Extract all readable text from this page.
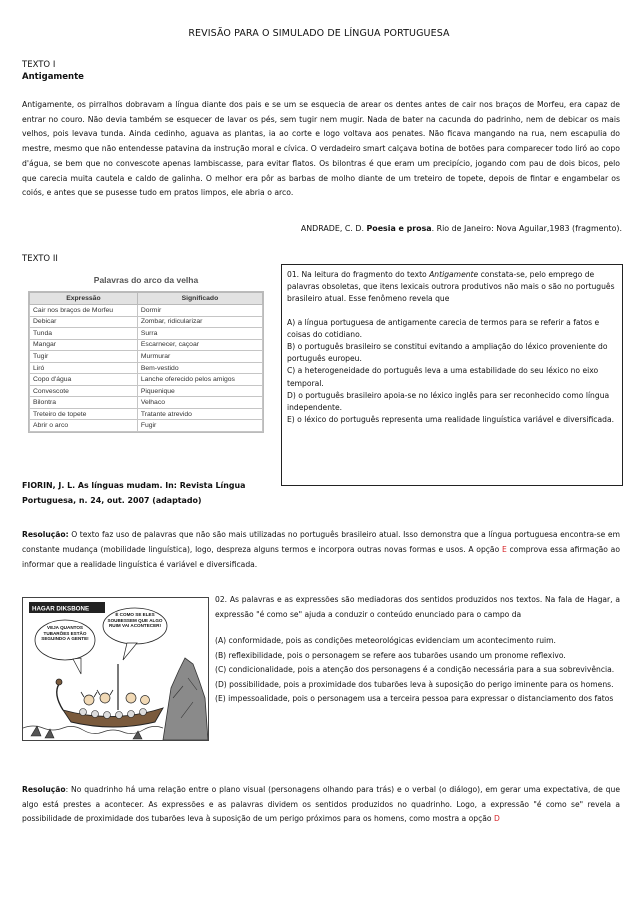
REVISÃO PARA O SIMULADO DE LÍNGUA PORTUGUESA
TEXTO I
Antigamente
Antigamente, os pirralhos dobravam a língua diante dos pais e se um se esquecia de arear os dentes antes de cair nos braços de Morfeu, era capaz de entrar no couro. Não devia também se esquecer de lavar os pés, sem tugir nem mugir. Nada de bater na cacunda do padrinho, nem de debicar os mais velhos, pois levava tunda. Ainda cedinho, aguava as plantas, ia ao corte e logo voltava aos penates. Não ficava mangando na rua, nem escapulia do mestre, mesmo que não entendesse patavina da instrução moral e cívica. O verdadeiro smart calçava botina de botões para comparecer todo liró ao copo d'água, se bem que no convescote apenas lambiscasse, para evitar flatos. Os bilontras é que eram um precipício, jogando com pau de dois bicos, pelo que carecia muita cautela e caldo de galinha. O melhor era pôr as barbas de molho diante de um treteiro de topete, depois de fintar e engambelar os coiós, e antes que se pusesse tudo em pratos limpos, ele abria o arco.
ANDRADE, C. D. Poesia e prosa. Rio de Janeiro: Nova Aguilar,1983 (fragmento).
TEXTO II
Palavras do arco da velha
Expressão	Significado
Cair nos braços de Morfeu	Dormir
Debicar	Zombar, ridicularizar
Tunda	Surra
Mangar	Escarnecer, caçoar
Tugir	Murmurar
Liró	Bem-vestido
Copo d'água	Lanche oferecido pelos amigos
Convescote	Piquenique
Bilontra	Velhaco
Treteiro de topete	Tratante atrevido
Abrir o arco	Fugir
FIORIN, J. L. As línguas mudam. In: Revista Língua Portuguesa, n. 24, out. 2007 (adaptado)

01. Na leitura do fragmento do texto Antigamente constata-se, pelo emprego de palavras obsoletas, que itens lexicais outrora produtivos não mais o são no português brasileiro atual. Esse fenômeno revela que

A) a língua portuguesa de antigamente carecia de termos para se referir a fatos e coisas do cotidiano.

B) o português brasileiro se constitui evitando a ampliação do léxico proveniente do português europeu.

C) a heterogeneidade do português leva a uma estabilidade do seu léxico no eixo temporal.

D) o português brasileiro apoia-se no léxico inglês para ser reconhecido como língua independente.

E) o léxico do português representa uma realidade linguística variável e diversificada.

Resolução: O texto faz uso de palavras que não são mais utilizadas no português brasileiro atual. Isso demonstra que a língua portuguesa encontra-se em constante mudança (mobilidade linguística), logo, despreza alguns termos e incorpora outras novas formas e usos. A opção E comprova essa afirmação ao informar que a realidade linguística é variável e diversificada.
HAGAR DIKSBONE
VEJA QUANTOS TUBARÕES ESTÃO SEGUINDO A GENTE!
É COMO SE ELES SOUBESSEM QUE ALGO RUIM VAI ACONTECER!

02. As palavras e as expressões são mediadoras dos sentidos produzidos nos textos. Na fala de Hagar, a expressão "é como se" ajuda a conduzir o conteúdo enunciado para o campo da

(A) conformidade, pois as condições meteorológicas evidenciam um acontecimento ruim.

(B) reflexibilidade, pois o personagem se refere aos tubarões usando um pronome reflexivo.

(C) condicionalidade, pois a atenção dos personagens é a condição necessária para a sua sobrevivência.

(D) possibilidade, pois a proximidade dos tubarões leva à suposição do perigo iminente para os homens.

(E) impessoalidade, pois o personagem usa a terceira pessoa para expressar o distanciamento dos fatos

Resolução: No quadrinho há uma relação entre o plano visual (personagens olhando para trás) e o verbal (o diálogo), em gerar uma expectativa, de que algo está prestes a acontecer. As expressões e as palavras dividem os sentidos produzidos no quadrinho. Logo, a expressão "é como se" revela a possibilidade de proximidade dos tubarões leva à suposição de um perigo próximos para os homens, como mostra a opção D
